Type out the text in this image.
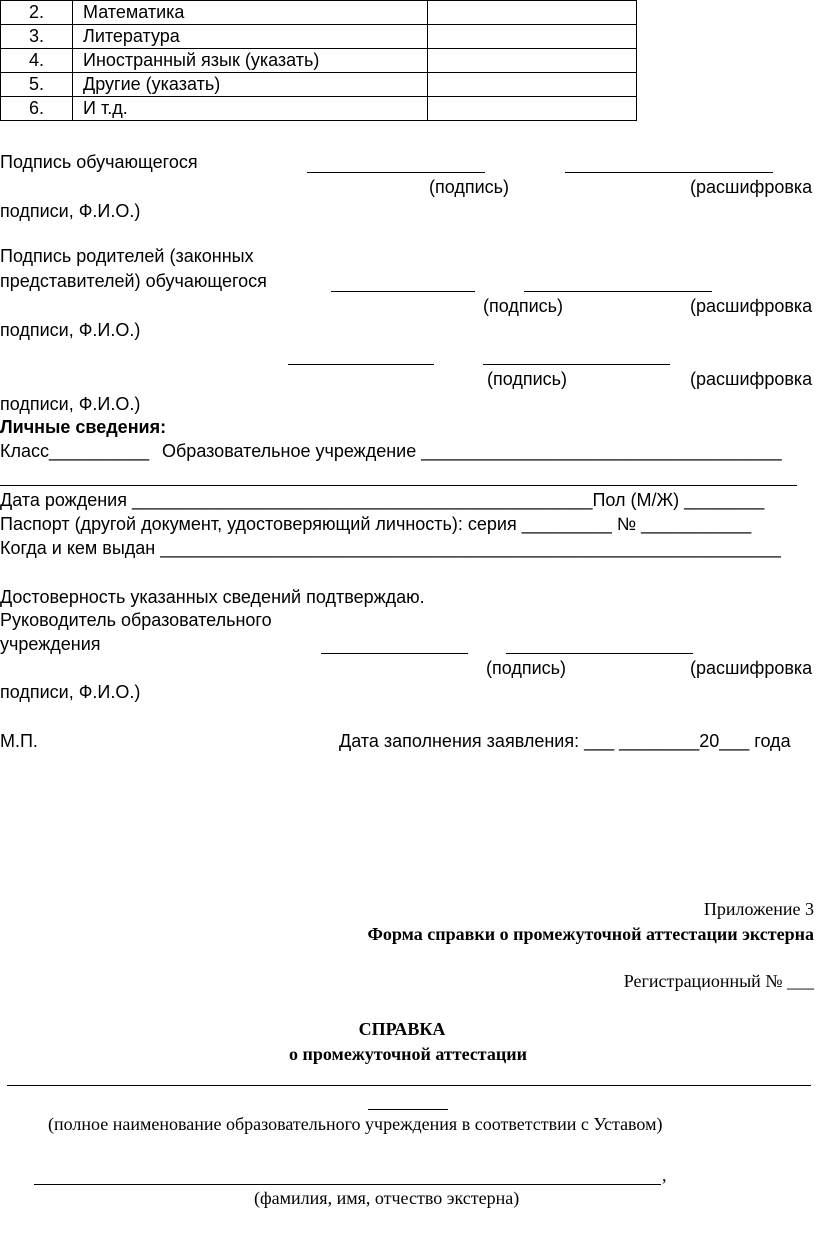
2.	Математика	
3.	Литература	
4.	Иностранный язык (указать)	
5.	Другие (указать)	
6.	И т.д.	
Подпись обучающегося
(подпись)	(расшифровка
подписи, Ф.И.О.)
Подпись родителей (законных
представителей) обучающегося
(подпись)	(расшифровка
подписи, Ф.И.О.)
(подпись)	(расшифровка
подписи, Ф.И.О.)
Личные сведения:
Класс__________ Образовательное учреждение ____________________________________
Дата рождения ______________________________________________Пол (М/Ж) ________
Паспорт (другой документ, удостоверяющий личность): серия _________ № ___________
Когда и кем выдан ______________________________________________________________
Достоверность указанных сведений подтверждаю.
Руководитель образовательного
учреждения
(подпись)	(расшифровка
подписи, Ф.И.О.)
М.П.	Дата заполнения заявления: ___ ________20___ года
Приложение 3
Форма справки о промежуточной аттестации экстерна
Регистрационный № ___
СПРАВКА
о промежуточной аттестации
(полное наименование образовательного учреждения в соответствии с Уставом)
,
(фамилия, имя, отчество экстерна)
